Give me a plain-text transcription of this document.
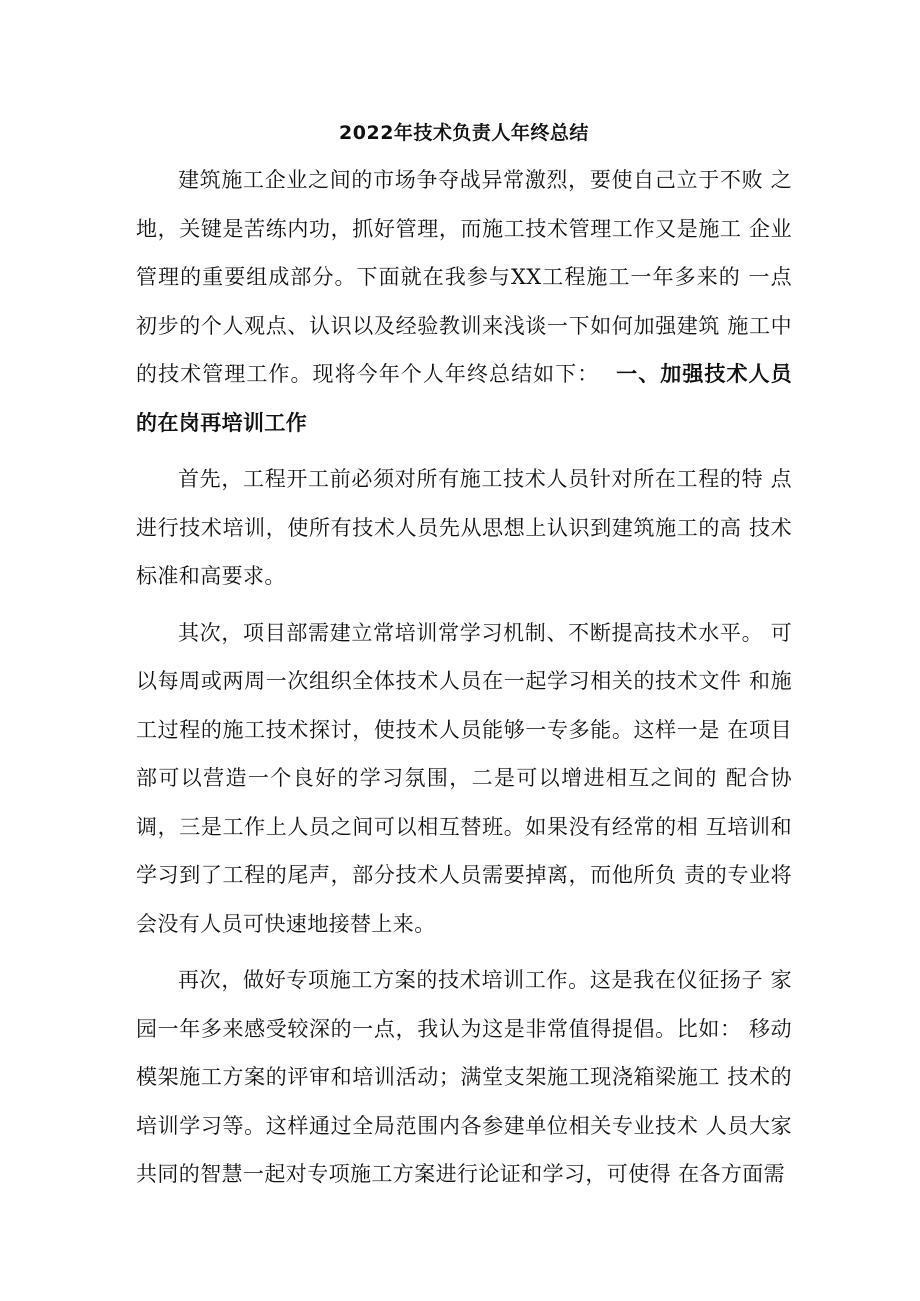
2022年技术负责人年终总结

建筑施工企业之间的市场争夺战异常激烈，要使自己立于不败 之地，关键是苦练内功，抓好管理，而施工技术管理工作又是施工 企业管理的重要组成部分。下面就在我参与XX工程施工一年多来的 一点初步的个人观点、认识以及经验教训来浅谈一下如何加强建筑 施工中的技术管理工作。现将今年个人年终总结如下： 一、加强技术人员的在岗再培训工作

首先，工程开工前必须对所有施工技术人员针对所在工程的特 点进行技术培训，使所有技术人员先从思想上认识到建筑施工的高 技术标准和高要求。

其次，项目部需建立常培训常学习机制、不断提高技术水平。 可以每周或两周一次组织全体技术人员在一起学习相关的技术文件 和施工过程的施工技术探讨，使技术人员能够一专多能。这样一是 在项目部可以营造一个良好的学习氛围，二是可以增进相互之间的 配合协调，三是工作上人员之间可以相互替班。如果没有经常的相 互培训和学习到了工程的尾声，部分技术人员需要掉离，而他所负 责的专业将会没有人员可快速地接替上来。

再次，做好专项施工方案的技术培训工作。这是我在仪征扬子 家园一年多来感受较深的一点，我认为这是非常值得提倡。比如： 移动模架施工方案的评审和培训活动；满堂支架施工现浇箱梁施工 技术的培训学习等。这样通过全局范围内各参建单位相关专业技术 人员大家共同的智慧一起对专项施工方案进行论证和学习，可使得 在各方面需
